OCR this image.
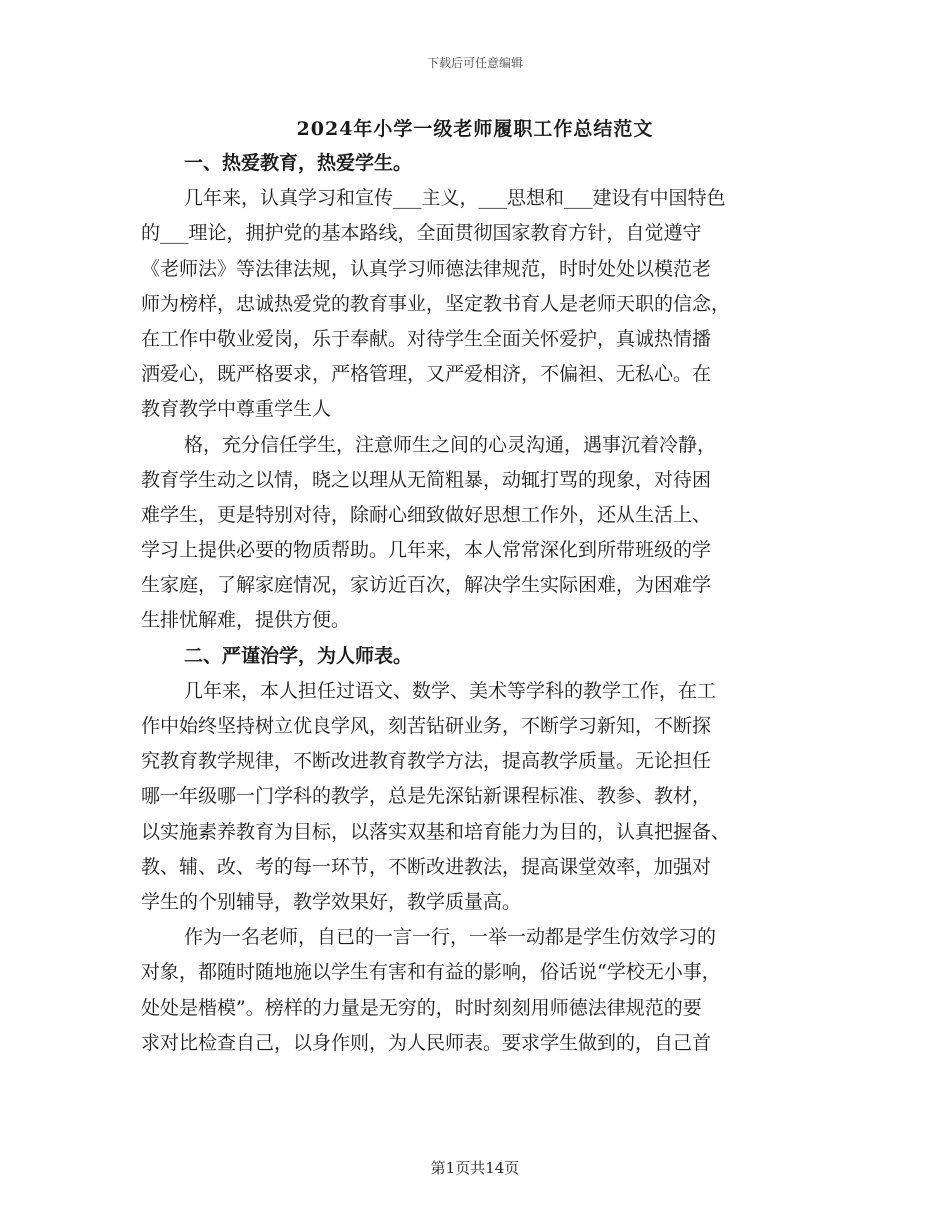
下载后可任意编辑
2024年小学一级老师履职工作总结范文
一、热爱教育，热爱学生。
几年来，认真学习和宣传___主义，___思想和___建设有中国特色
的___理论，拥护党的基本路线，全面贯彻国家教育方针，自觉遵守
《老师法》等法律法规，认真学习师德法律规范，时时处处以模范老
师为榜样，忠诚热爱党的教育事业，坚定教书育人是老师天职的信念，
在工作中敬业爱岗，乐于奉献。对待学生全面关怀爱护，真诚热情播
洒爱心，既严格要求，严格管理，又严爱相济，不偏袒、无私心。在
教育教学中尊重学生人
格，充分信任学生，注意师生之间的心灵沟通，遇事沉着冷静，
教育学生动之以情，晓之以理从无简粗暴，动辄打骂的现象，对待困
难学生，更是特别对待，除耐心细致做好思想工作外，还从生活上、
学习上提供必要的物质帮助。几年来，本人常常深化到所带班级的学
生家庭，了解家庭情况，家访近百次，解决学生实际困难，为困难学
生排忧解难，提供方便。
二、严谨治学，为人师表。
几年来，本人担任过语文、数学、美术等学科的教学工作，在工
作中始终坚持树立优良学风，刻苦钻研业务，不断学习新知，不断探
究教育教学规律，不断改进教育教学方法，提高教学质量。无论担任
哪一年级哪一门学科的教学，总是先深钻新课程标准、教参、教材，
以实施素养教育为目标，以落实双基和培育能力为目的，认真把握备、
教、辅、改、考的每一环节，不断改进教法，提高课堂效率，加强对
学生的个别辅导，教学效果好，教学质量高。
作为一名老师，自已的一言一行，一举一动都是学生仿效学习的
对象，都随时随地施以学生有害和有益的影响，俗话说“学校无小事，
处处是楷模”。榜样的力量是无穷的，时时刻刻用师德法律规范的要
求对比检查自己，以身作则，为人民师表。要求学生做到的，自己首
第1页共14页
